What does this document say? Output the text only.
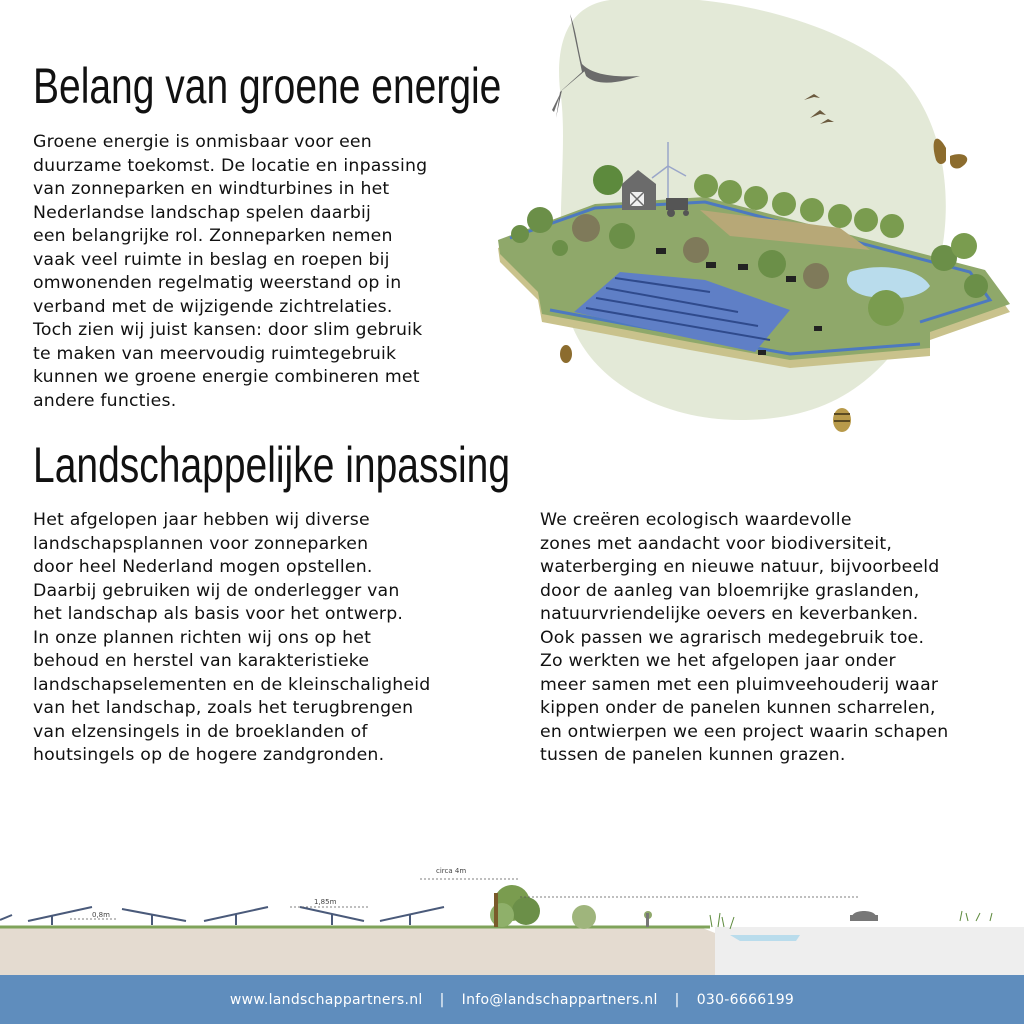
Belang van groene energie

Groene energie is onmisbaar voor een
duurzame toekomst. De locatie en inpassing
van zonneparken en windturbines in het
Nederlandse landschap spelen daarbij
een belangrijke rol. Zonneparken nemen
vaak veel ruimte in beslag en roepen bij
omwonenden regelmatig weerstand op in
verband met de wijzigende zichtrelaties.
Toch zien wij juist kansen: door slim gebruik
te maken van meervoudig ruimtegebruik
kunnen we groene energie combineren met
andere functies.

Landschappelijke inpassing

Het afgelopen jaar hebben wij diverse
landschapsplannen voor zonneparken
door heel Nederland mogen opstellen.
Daarbij gebruiken wij de onderlegger van
het landschap als basis voor het ontwerp.
In onze plannen richten wij ons op het
behoud en herstel van karakteristieke
landschapselementen en de kleinschaligheid
van het landschap, zoals het terugbrengen
van elzensingels in de broeklanden of
houtsingels op de hogere zandgronden.

We creëren ecologisch waardevolle
zones met aandacht voor biodiversiteit,
waterberging en nieuwe natuur, bijvoorbeeld
door de aanleg van bloemrijke graslanden,
natuurvriendelijke oevers en keverbanken.
Ook passen we agrarisch medegebruik toe.
Zo werkten we het afgelopen jaar onder
meer samen met een pluimveehouderij waar
kippen onder de panelen kunnen scharrelen,
en ontwierpen we een project waarin schapen
tussen de panelen kunnen grazen.

0,8m
1,85m
circa 4m
www.landschappartners.nl | Info@landschappartners.nl | 030-6666199
